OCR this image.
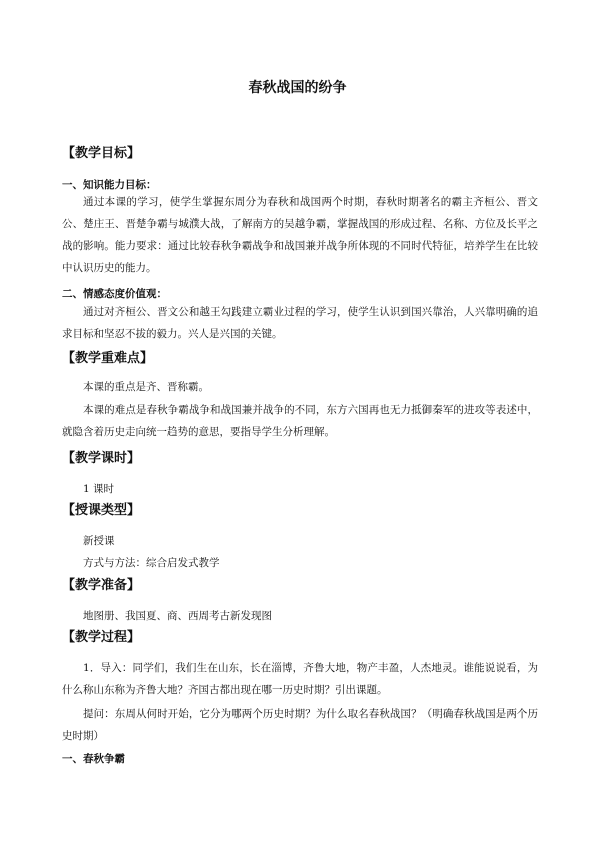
春秋战国的纷争
【教学目标】
一、知识能力目标：
通过本课的学习，使学生掌握东周分为春秋和战国两个时期，春秋时期著名的霸主齐桓公、晋文公、楚庄王、晋楚争霸与城濮大战，了解南方的吴越争霸，掌握战国的形成过程、名称、方位及长平之战的影响。能力要求：通过比较春秋争霸战争和战国兼并战争所体现的不同时代特征，培养学生在比较中认识历史的能力。
二、情感态度价值观：
通过对齐桓公、晋文公和越王勾践建立霸业过程的学习，使学生认识到国兴靠治，人兴靠明确的追求目标和坚忍不拔的毅力。兴人是兴国的关键。
【教学重难点】
本课的重点是齐、晋称霸。
本课的难点是春秋争霸战争和战国兼并战争的不同，东方六国再也无力抵御秦军的进攻等表述中，就隐含着历史走向统一趋势的意思，要指导学生分析理解。
【教学课时】
1 课时
【授课类型】
新授课
方式与方法：综合启发式教学
【教学准备】
地图册、我国夏、商、西周考古新发现图
【教学过程】
1．导入：同学们，我们生在山东，长在淄博，齐鲁大地，物产丰盈，人杰地灵。谁能说说看，为什么称山东称为齐鲁大地？齐国古都出现在哪一历史时期？引出课题。
提问：东周从何时开始，它分为哪两个历史时期？为什么取名春秋战国？（明确春秋战国是两个历史时期）
一、春秋争霸
